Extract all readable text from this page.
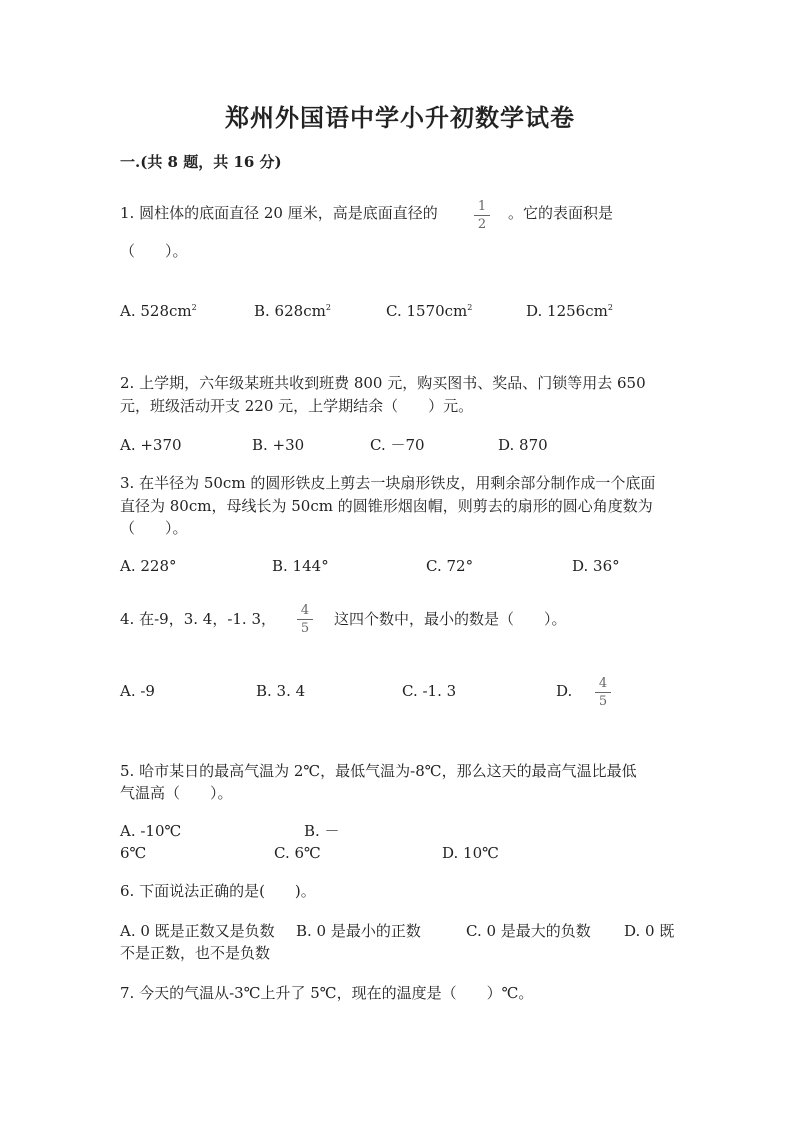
郑州外国语中学小升初数学试卷
一.(共 8 题，共 16 分)
1. 圆柱体的底面直径 20 厘米，高是底面直径的	1
2
。它的表面积是
（　　）。
A. $528cm^2$	B. $628cm^2$	C. $1570cm^2$	D. $1256cm^2$
2. 上学期，六年级某班共收到班费 800 元，购买图书、奖品、门锁等用去 650
元，班级活动开支 220 元，上学期结余（　　）元。
A. +370	B. +30	C. －70	D. 870
3. 在半径为 50cm 的圆形铁皮上剪去一块扇形铁皮，用剩余部分制作成一个底面
直径为 80cm，母线长为 50cm 的圆锥形烟囱帽，则剪去的扇形的圆心角度数为
（　　）。
A. 228°	B. 144°	C. 72°	D. 36°
4. 在-9，3. 4，-1. 3， 4
5
这四个数中，最小的数是（　　）。
A. -9	B. 3. 4	C. -1. 3	D. 4
5
5. 哈市某日的最高气温为 2℃，最低气温为-8℃，那么这天的最高气温比最低
气温高（　　）。
A. -10℃	B. －
6℃	C. 6℃	D. 10℃
6. 下面说法正确的是(　　)。
A. 0 既是正数又是负数 B. 0 是最小的正数	C. 0 是最大的负数 D. 0 既
不是正数，也不是负数
7. 今天的气温从-3℃上升了 5℃，现在的温度是（　　）℃。
